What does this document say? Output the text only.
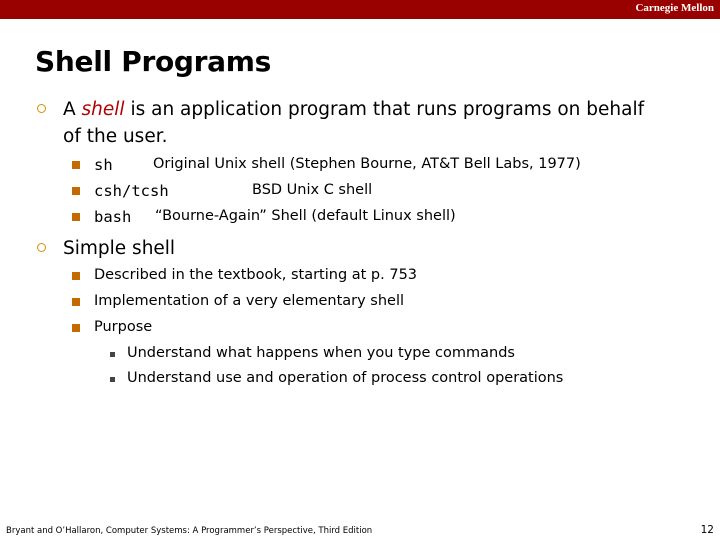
Carnegie Mellon
Shell Programs
A shell is an application program that runs programs on behalf
of the user.
sh	Original Unix shell (Stephen Bourne, AT&T Bell Labs, 1977)
csh/tcsh	BSD Unix C shell
bash “Bourne-Again” Shell (default Linux shell)
Simple shell
Described in the textbook, starting at p. 753
Implementation of a very elementary shell
Purpose
Understand what happens when you type commands
Understand use and operation of process control operations
Bryant and O’Hallaron, Computer Systems: A Programmer’s Perspective, Third Edition	12
